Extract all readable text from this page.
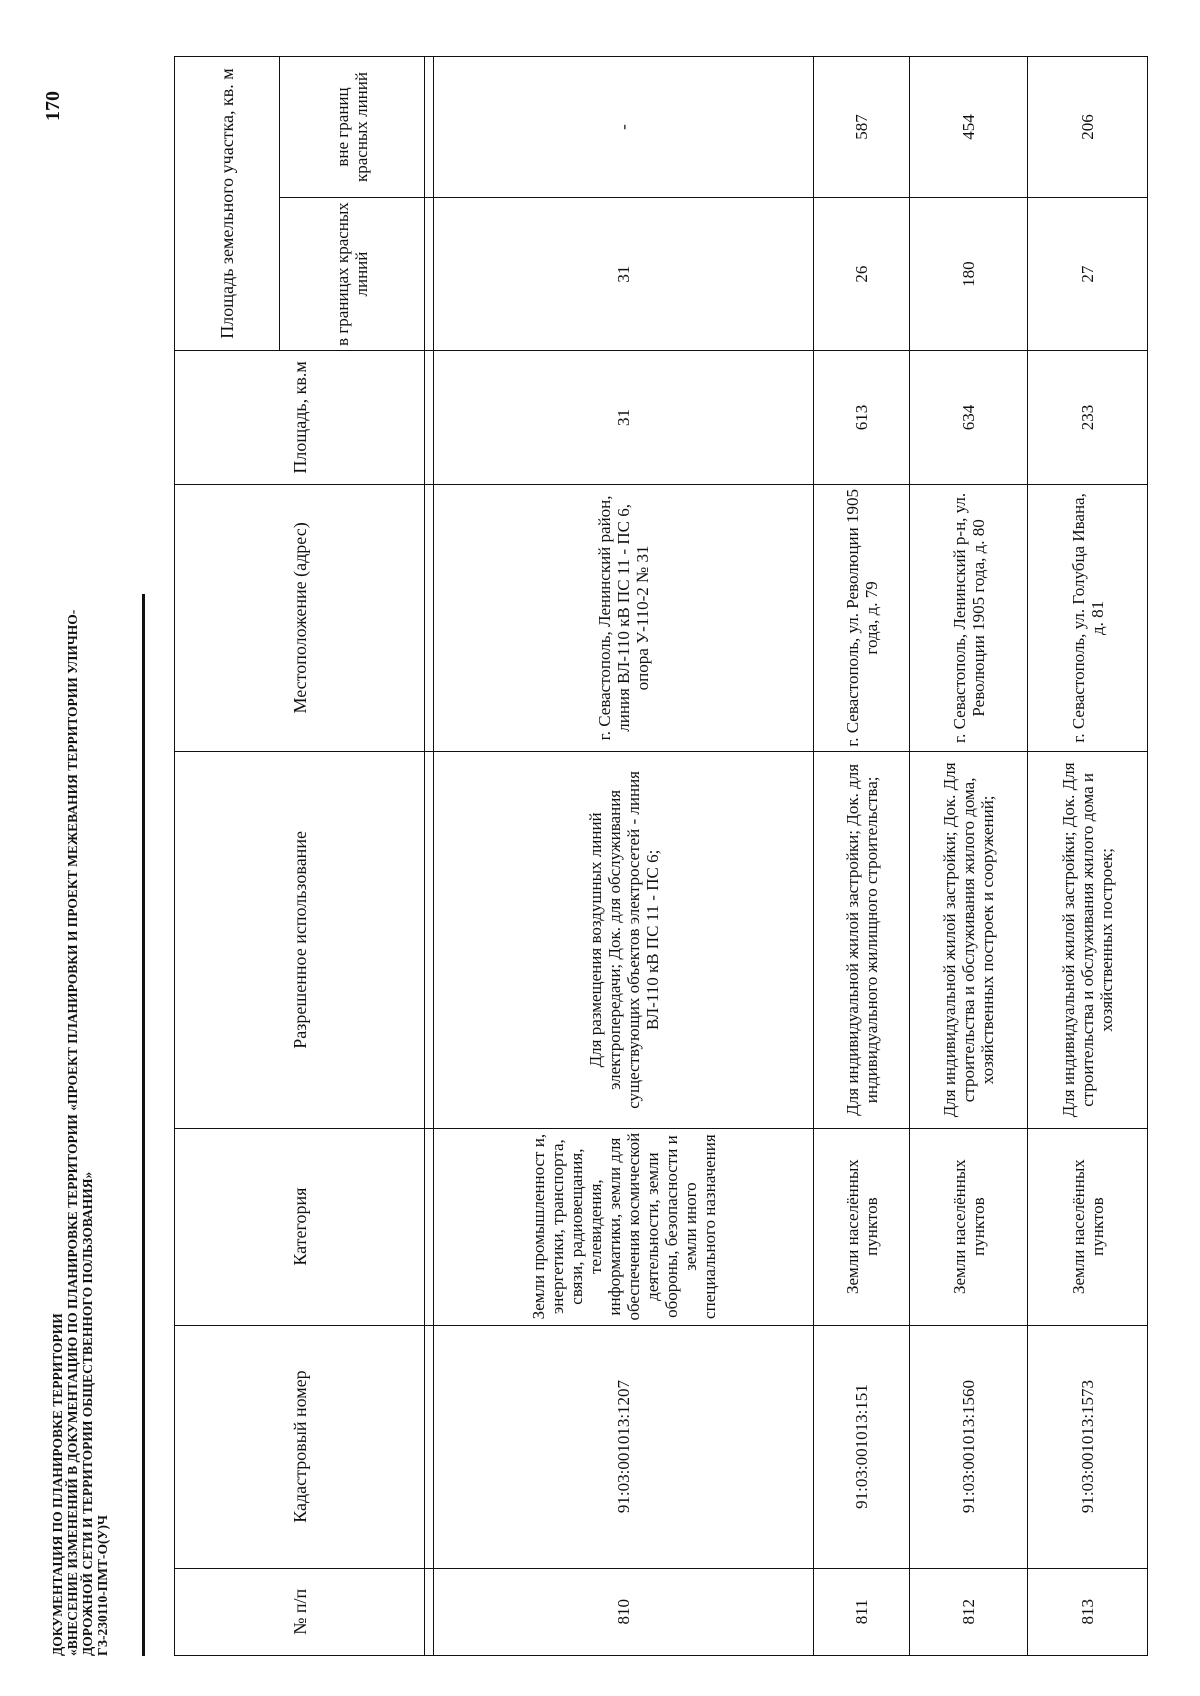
ДОКУМЕНТАЦИЯ ПО ПЛАНИРОВКЕ ТЕРРИТОРИИ «ВНЕСЕНИЕ ИЗМЕНЕНИЙ В ДОКУМЕНТАЦИЮ ПО ПЛАНИРОВКЕ ТЕРРИТОРИИ «ПРОЕКТ ПЛАНИРОВКИ И ПРОЕКТ МЕЖЕВАНИЯ ТЕРРИТОРИИ УЛИЧНО- ДОРОЖНОЙ СЕТИ И ТЕРРИТОРИИ ОБЩЕСТВЕННОГО ПОЛЬЗОВАНИЯ» ГЗ-230110-ПМТ-О(У)Ч
170
№ п/п	Кадастровый номер	Категория	Разрешенное использование	Местоположение (адрес)	Площадь, кв.м	Площадь земельного участка, кв. м	
						в границах красных линий	вне границ красных линий

810	91:03:001013:1207	Земли промышленност и, энергетики, транспорта, связи, радиовещания, телевидения, информатики, земли для обеспечения космической деятельности, земли обороны, безопасности и земли иного специального назначения	Для размещения воздушных линий электропередачи; Док. для обслуживания существующих объектов электросетей - линия ВЛ-110 кВ ПС 11 - ПС 6;	г. Севастополь, Ленинский район, линия ВЛ-110 кВ ПС 11 - ПС 6, опора У-110-2 № 31	31	31	-
811	91:03:001013:151	Земли населённых пунктов	Для индивидуальной жилой застройки; Док. для индивидуального жилищного строительства;	г. Севастополь, ул. Революции 1905 года, д. 79	613	26	587
812	91:03:001013:1560	Земли населённых пунктов	Для индивидуальной жилой застройки; Док. Для строительства и обслуживания жилого дома, хозяйственных построек и сооружений;	г. Севастополь, Ленинский р-н, ул. Революции 1905 года, д. 80	634	180	454
813	91:03:001013:1573	Земли населённых пунктов	Для индивидуальной жилой застройки; Док. Для строительства и обслуживания жилого дома и хозяйственных построек;	г. Севастополь, ул. Голубца Ивана, д. 81	233	27	206
